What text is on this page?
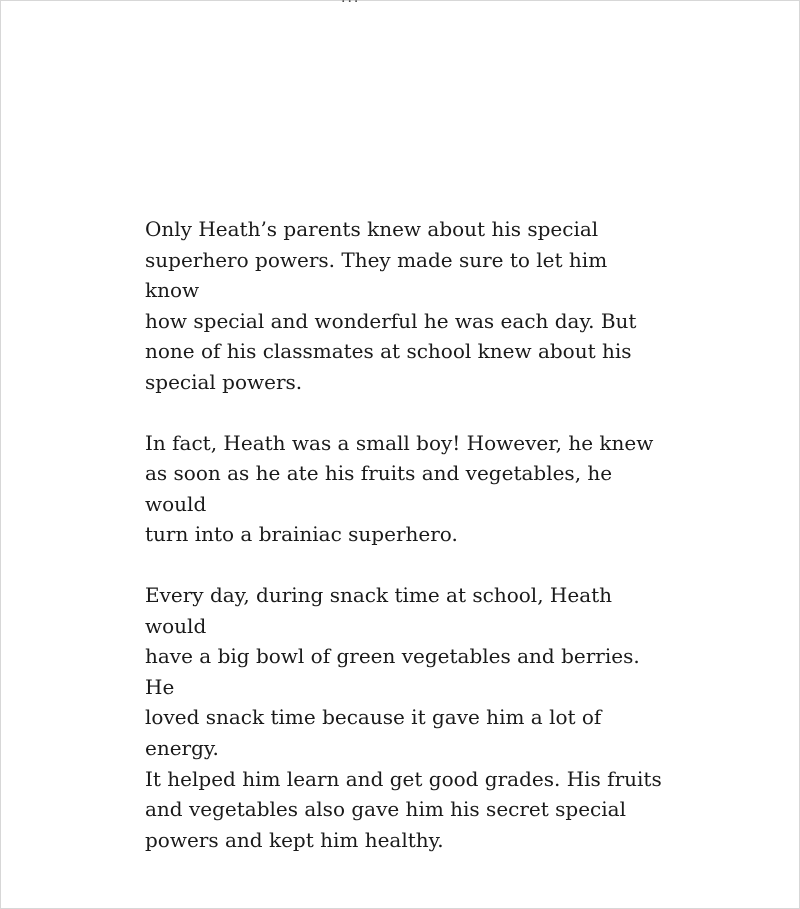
Only Heath’s parents knew about his special
superhero powers. They made sure to let him know
how special and wonderful he was each day. But
none of his classmates at school knew about his
special powers.

In fact, Heath was a small boy! However, he knew
as soon as he ate his fruits and vegetables, he would
turn into a brainiac superhero.

Every day, during snack time at school, Heath would
have a big bowl of green vegetables and berries. He
loved snack time because it gave him a lot of energy.
It helped him learn and get good grades. His fruits
and vegetables also gave him his secret special
powers and kept him healthy.
